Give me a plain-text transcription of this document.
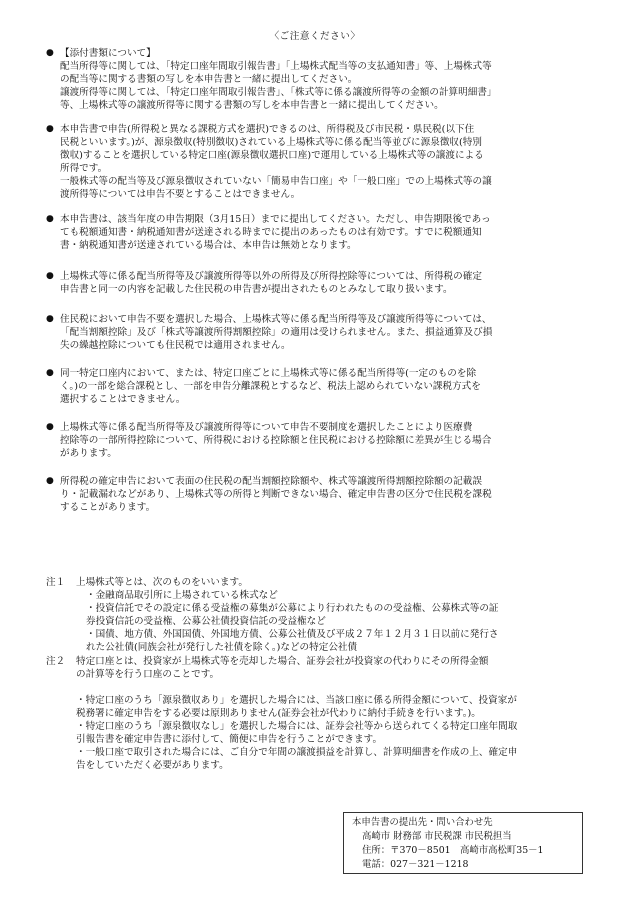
〈ご注意ください〉
● 【添付書類について】

配当所得等に関しては、「特定口座年間取引報告書」「上場株式配当等の支払通知書」等、上場株式等

の配当等に関する書類の写しを本申告書と一緒に提出してください。

譲渡所得等に関しては、「特定口座年間取引報告書」、「株式等に係る譲渡所得等の金額の計算明細書」

等、上場株式等の譲渡所得等に関する書類の写しを本申告書と一緒に提出してください。

● 本申告書で申告(所得税と異なる課税方式を選択)できるのは、所得税及び市民税・県民税(以下住

民税といいます。)が、源泉徴収(特別徴収)されている上場株式等に係る配当等並びに源泉徴収(特別

徴収)することを選択している特定口座(源泉徴収選択口座)で運用している上場株式等の譲渡による

所得です。

一般株式等の配当等及び源泉徴収されていない「簡易申告口座」や「一般口座」での上場株式等の譲

渡所得等については申告不要とすることはできません。

● 本申告書は、該当年度の申告期限（3月15日）までに提出してください。ただし、申告期限後であっ

ても税額通知書・納税通知書が送達される時までに提出のあったものは有効です。すでに税額通知

書・納税通知書が送達されている場合は、本申告は無効となります。

● 上場株式等に係る配当所得等及び譲渡所得等以外の所得及び所得控除等については、所得税の確定

申告書と同一の内容を記載した住民税の申告書が提出されたものとみなして取り扱います。

● 住民税において申告不要を選択した場合、上場株式等に係る配当所得等及び譲渡所得等については、

「配当割額控除」及び「株式等譲渡所得割額控除」の適用は受けられません。また、損益通算及び損

失の繰越控除についても住民税では適用されません。

● 同一特定口座内において、または、特定口座ごとに上場株式等に係る配当所得等(一定のものを除

く。)の一部を総合課税とし、一部を申告分離課税とするなど、税法上認められていない課税方式を

選択することはできません。

● 上場株式等に係る配当所得等及び譲渡所得等について申告不要制度を選択したことにより医療費

控除等の一部所得控除について、所得税における控除額と住民税における控除額に差異が生じる場合

があります。

● 所得税の確定申告において表面の住民税の配当割額控除額や、株式等譲渡所得割額控除額の記載誤

り・記載漏れなどがあり、上場株式等の所得と判断できない場合、確定申告書の区分で住民税を課税

することがあります。

注１ 上場株式等とは、次のものをいいます。

・金融商品取引所に上場されている株式など

・投資信託でその設定に係る受益権の募集が公募により行われたものの受益権、公募株式等の証

券投資信託の受益権、公募公社債投資信託の受益権など

・国債、地方債、外国国債、外国地方債、公募公社債及び平成２７年１２月３１日以前に発行さ

れた公社債(同族会社が発行した社債を除く。)などの特定公社債

注２ 特定口座とは、投資家が上場株式等を売却した場合、証券会社が投資家の代わりにその所得金額

の計算等を行う口座のことです。

・特定口座のうち「源泉徴収あり」を選択した場合には、当該口座に係る所得金額について、投資家が

税務署に確定申告をする必要は原則ありません(証券会社が代わりに納付手続きを行います。)。

・特定口座のうち「源泉徴収なし」を選択した場合には、証券会社等から送られてくる特定口座年間取

引報告書を確定申告書に添付して、簡便に申告を行うことができます。

・一般口座で取引された場合には、ご自分で年間の譲渡損益を計算し、計算明細書を作成の上、確定申

告をしていただく必要があります。

本申告書の提出先・問い合わせ先

高崎市 財務部 市民税課 市民税担当

住所：〒370－8501　高崎市高松町35－1

電話：027－321－1218
